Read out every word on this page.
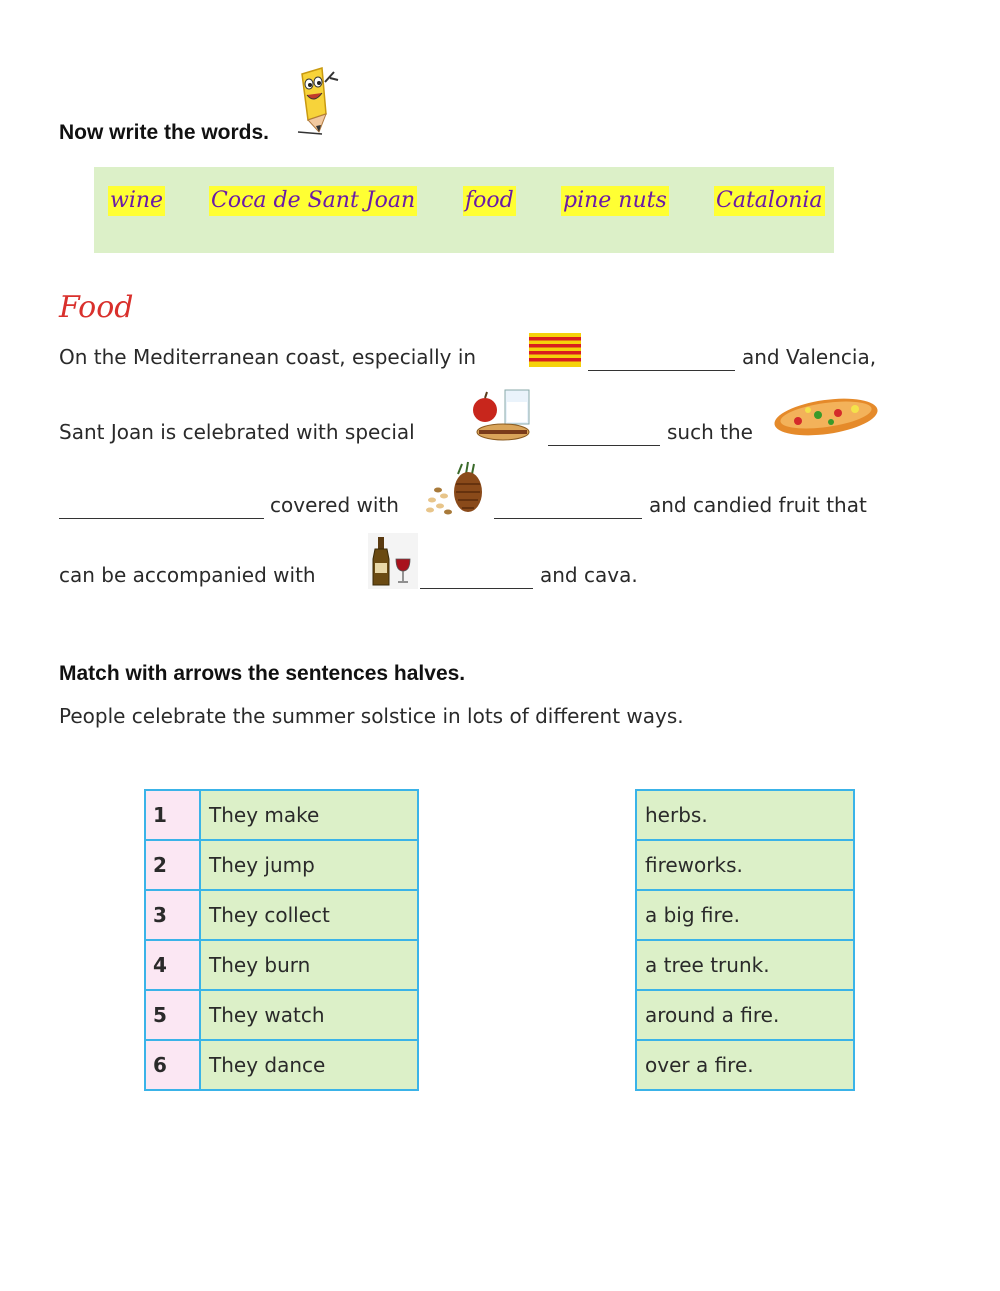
Now write the words.
wine Coca de Sant Joan food pine nuts Catalonia
Food
On the Mediterranean coast, especially in	and Valencia,
Sant Joan is celebrated with special	such the
covered with	and candied fruit that
can be accompanied with	and cava.
Match with arrows the sentences halves.
People celebrate the summer solstice in lots of different ways.
1	They make
2	They jump
3	They collect
4	They burn
5	They watch
6	They dance
herbs.
fireworks.
a big fire.
a tree trunk.
around a fire.
over a fire.
